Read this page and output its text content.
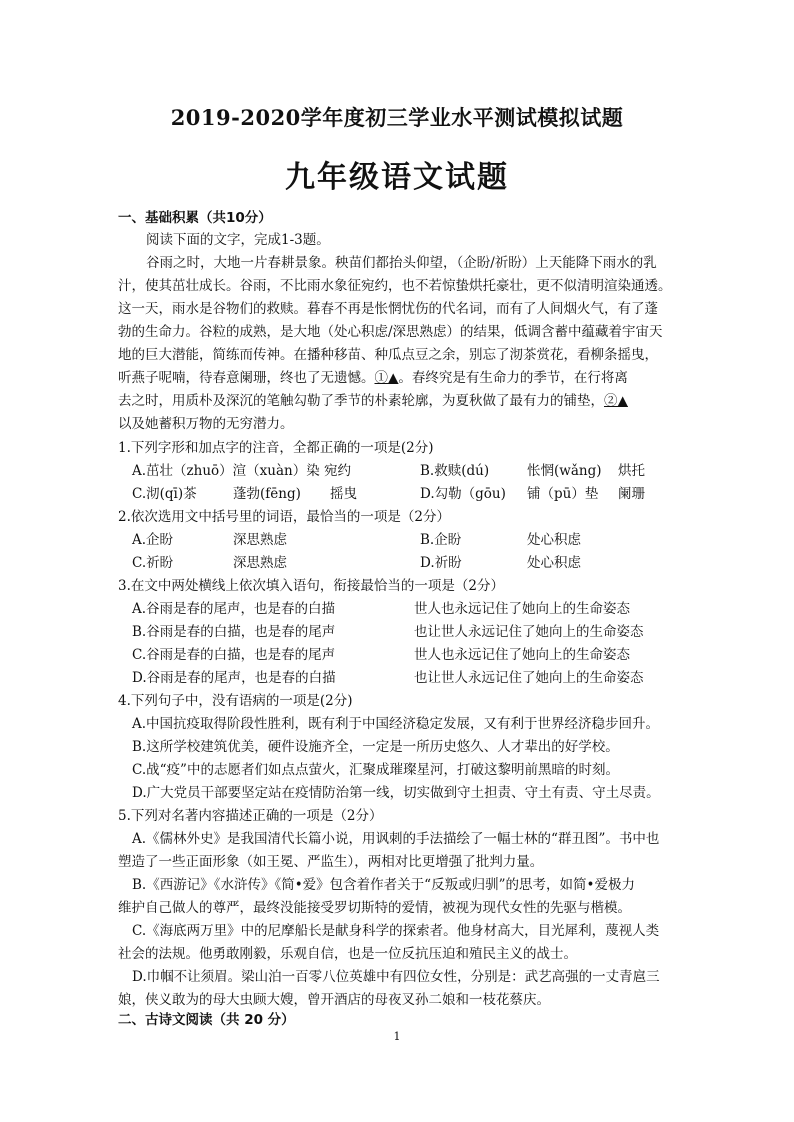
2019-2020学年度初三学业水平测试模拟试题
九年级语文试题
一、基础积累（共10分）
阅读下面的文字，完成1-3题。
谷雨之时，大地一片春耕景象。秧苗们都抬头仰望，（企盼/祈盼）上天能降下雨水的乳
汁，使其茁壮成长。谷雨，不比雨水象征宛约，也不若惊蛰烘托豪壮，更不似清明渲染通透。
这一天，雨水是谷物们的救赎。暮春不再是怅惘忧伤的代名词，而有了人间烟火气，有了蓬
勃的生命力。谷粒的成熟，是大地（处心积虑/深思熟虑）的结果，低调含蓄中蕴藏着宇宙天
地的巨大潜能，简练而传神。在播种移苗、种瓜点豆之余，别忘了沏茶赏花，看柳条摇曳，
听燕子呢喃，待春意阑珊，终也了无遗憾。①▲。春终究是有生命力的季节，在行将离
去之时，用质朴及深沉的笔触勾勒了季节的朴素轮廓，为夏秋做了最有力的铺垫，②▲
以及她蓄积万物的无穷潜力。
1.下列字形和加点字的注音，全都正确的一项是(2分)
A.茁壮（zhuō）渲（xuàn）染 宛约	B.救赎(dú)	怅惘(wǎng) 烘托
C.沏(qī)茶	蓬勃(fēng) 摇曳	D.勾勒（gōu) 铺（pū）垫 阑珊
2.依次选用文中括号里的词语，最恰当的一项是（2分）
A.企盼	深思熟虑	B.企盼	处心积虑
C.祈盼	深思熟虑	D.祈盼	处心积虑
3.在文中两处横线上依次填入语句，衔接最恰当的一项是（2分）
A.谷雨是春的尾声，也是春的白描	世人也永远记住了她向上的生命姿态
B.谷雨是春的白描，也是春的尾声	也让世人永远记住了她向上的生命姿态
C.谷雨是春的白描，也是春的尾声	世人也永远记住了她向上的生命姿态
D.谷雨是春的尾声，也是春的白描	也让世人永远记住了她向上的生命姿态
4.下列句子中，没有语病的一项是(2分)
A.中国抗疫取得阶段性胜利，既有利于中国经济稳定发展，又有利于世界经济稳步回升。
B.这所学校建筑优美，硬件设施齐全，一定是一所历史悠久、人才辈出的好学校。
C.战“疫”中的志愿者们如点点萤火，汇聚成璀璨星河，打破这黎明前黑暗的时刻。
D.广大党员干部要坚定站在疫情防治第一线，切实做到守土担责、守土有责、守土尽责。
5.下列对名著内容描述正确的一项是（2分）
A.《儒林外史》是我国清代长篇小说，用讽刺的手法描绘了一幅士林的“群丑图”。书中也
塑造了一些正面形象（如王冕、严监生），两相对比更增强了批判力量。
B.《西游记》《水浒传》《简•爱》包含着作者关于“反叛或归驯”的思考，如简•爱极力
维护自己做人的尊严，最终没能接受罗切斯特的爱情，被视为现代女性的先驱与楷模。
C.《海底两万里》中的尼摩船长是献身科学的探索者。他身材高大，目光犀利，蔑视人类
社会的法规。他勇敢刚毅，乐观自信，也是一位反抗压迫和殖民主义的战士。
D.巾帼不让须眉。梁山泊一百零八位英雄中有四位女性，分别是：武艺高强的一丈青扈三
娘，侠义敢为的母大虫顾大嫂，曾开酒店的母夜叉孙二娘和一枝花蔡庆。
二、古诗文阅读（共 20 分）
1
